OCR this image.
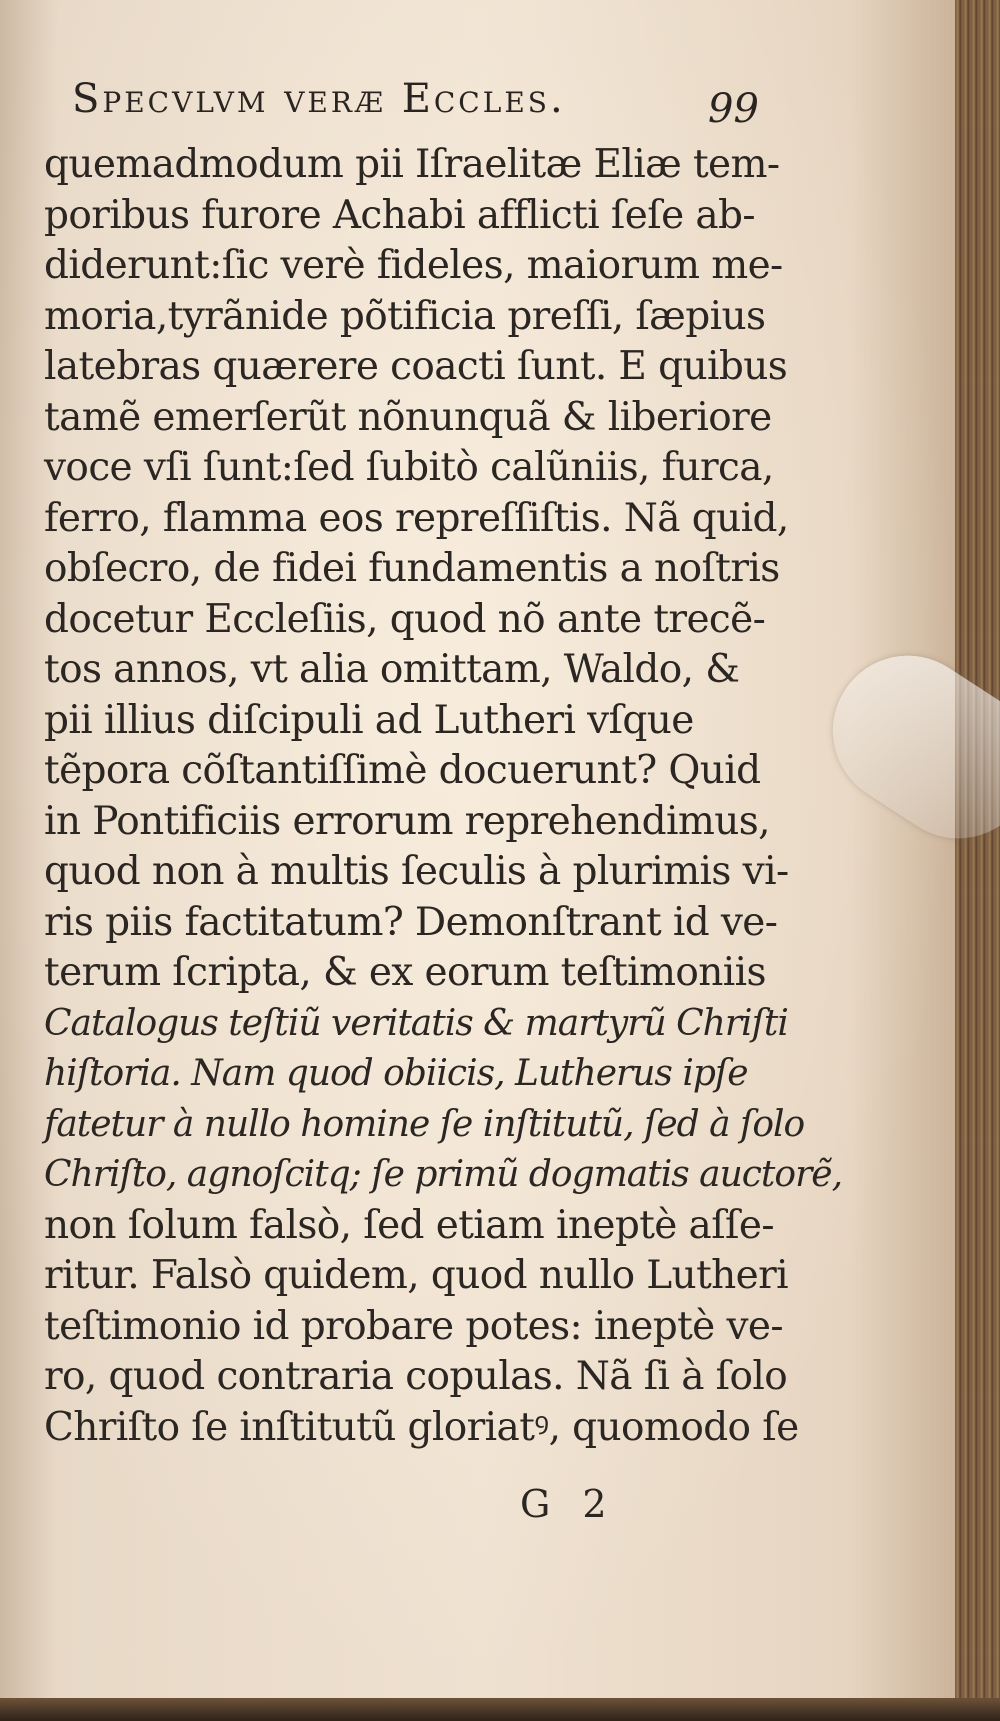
Specvlvm veræ Eccles.	99
quemadmodum pii Iſraelitæ Eliæ tem-
poribus furore Achabi afflicti ſeſe ab-
diderunt:ſic verè fideles, maiorum me-
moria,tyrãnide põtificia preſſi, ſæpius
latebras quærere coacti ſunt. E quibus
tamẽ emerſerũt nõnunquã & liberiore
voce vſi ſunt:ſed ſubitò calũniis, furca,
ferro, flamma eos repreſſiſtis. Nã quid,
obſecro, de fidei fundamentis a noſtris
docetur Eccleſiis, quod nõ ante trecẽ-
tos annos, vt alia omittam, Waldo, &
pii illius diſcipuli ad Lutheri vſque
tẽpora cõſtantiſſimè docuerunt? Quid
in Pontificiis errorum reprehendimus,
quod non à multis ſeculis à plurimis vi-
ris piis factitatum? Demonſtrant id ve-
terum ſcripta, & ex eorum teſtimoniis
Catalogus teſtiũ veritatis & martyrũ Chriſti
hiſtoria. Nam quod obiicis, Lutherus ipſe
fatetur à nullo homine ſe inſtitutũ, ſed à ſolo
Chriſto, agnoſcitq; ſe primũ dogmatis auctorẽ,
non ſolum falsò, ſed etiam ineptè aſſe-
ritur. Falsò quidem, quod nullo Lutheri
teſtimonio id probare potes: ineptè ve-
ro, quod contraria copulas. Nã ſi à ſolo
Chriſto ſe inſtitutũ gloriatꝰ, quomodo ſe
G 2
